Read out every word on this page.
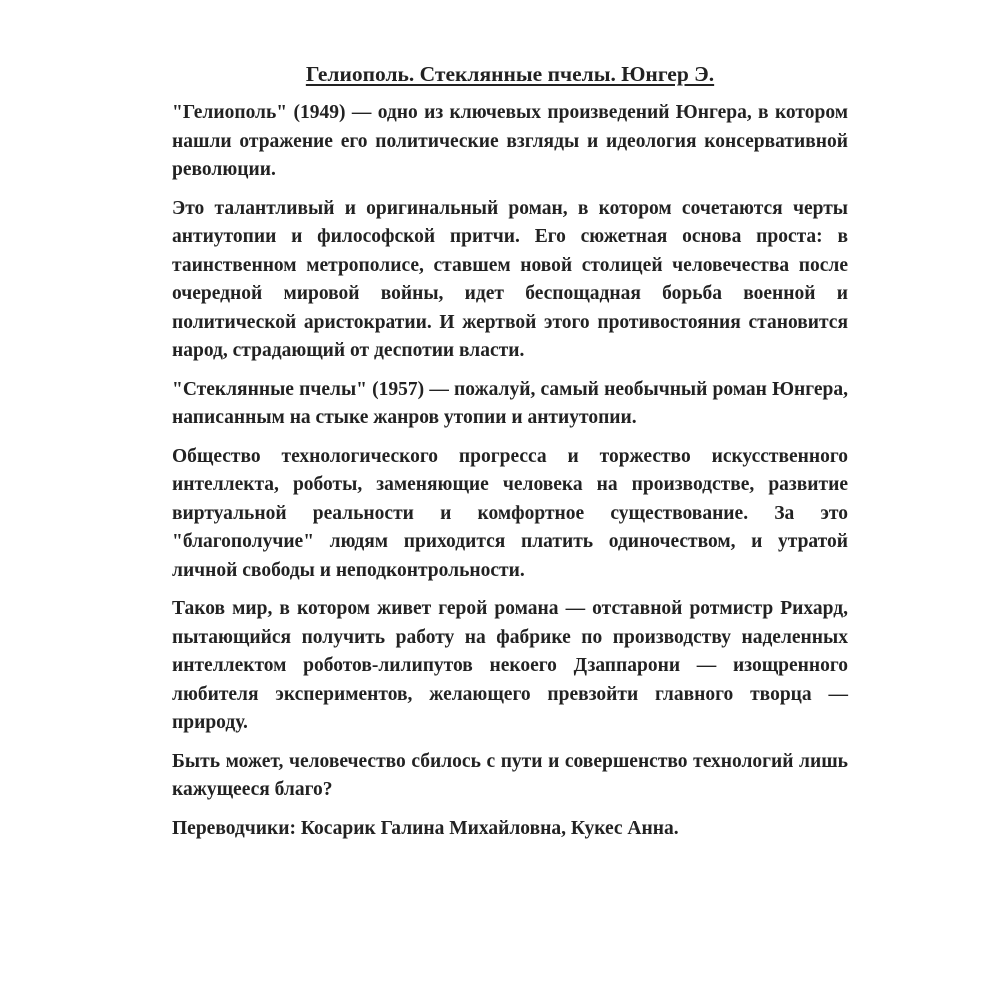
Гелиополь. Стеклянные пчелы. Юнгер Э.

"Гелиополь" (1949) — одно из ключевых произведений Юнгера, в котором нашли отражение его политические взгляды и идеология консервативной революции.

Это талантливый и оригинальный роман, в котором сочетаются черты антиутопии и философской притчи. Его сюжетная основа проста: в таинственном метрополисе, ставшем новой столицей человечества после очередной мировой войны, идет беспощадная борьба военной и политической аристократии. И жертвой этого противостояния становится народ, страдающий от деспотии власти.

"Стеклянные пчелы" (1957) — пожалуй, самый необычный роман Юнгера, написанным на стыке жанров утопии и антиутопии.

Общество технологического прогресса и торжество искусственного интеллекта, роботы, заменяющие человека на производстве, развитие виртуальной реальности и комфортное существование. За это "благополучие" людям приходится платить одиночеством, и утратой личной свободы и неподконтрольности.

Таков мир, в котором живет герой романа — отставной ротмистр Рихард, пытающийся получить работу на фабрике по производству наделенных интеллектом роботов-лилипутов некоего Дзаппарони — изощренного любителя экспериментов, желающего превзойти главного творца — природу.

Быть может, человечество сбилось с пути и совершенство технологий лишь кажущееся благо?

Переводчики: Косарик Галина Михайловна, Кукес Анна.
